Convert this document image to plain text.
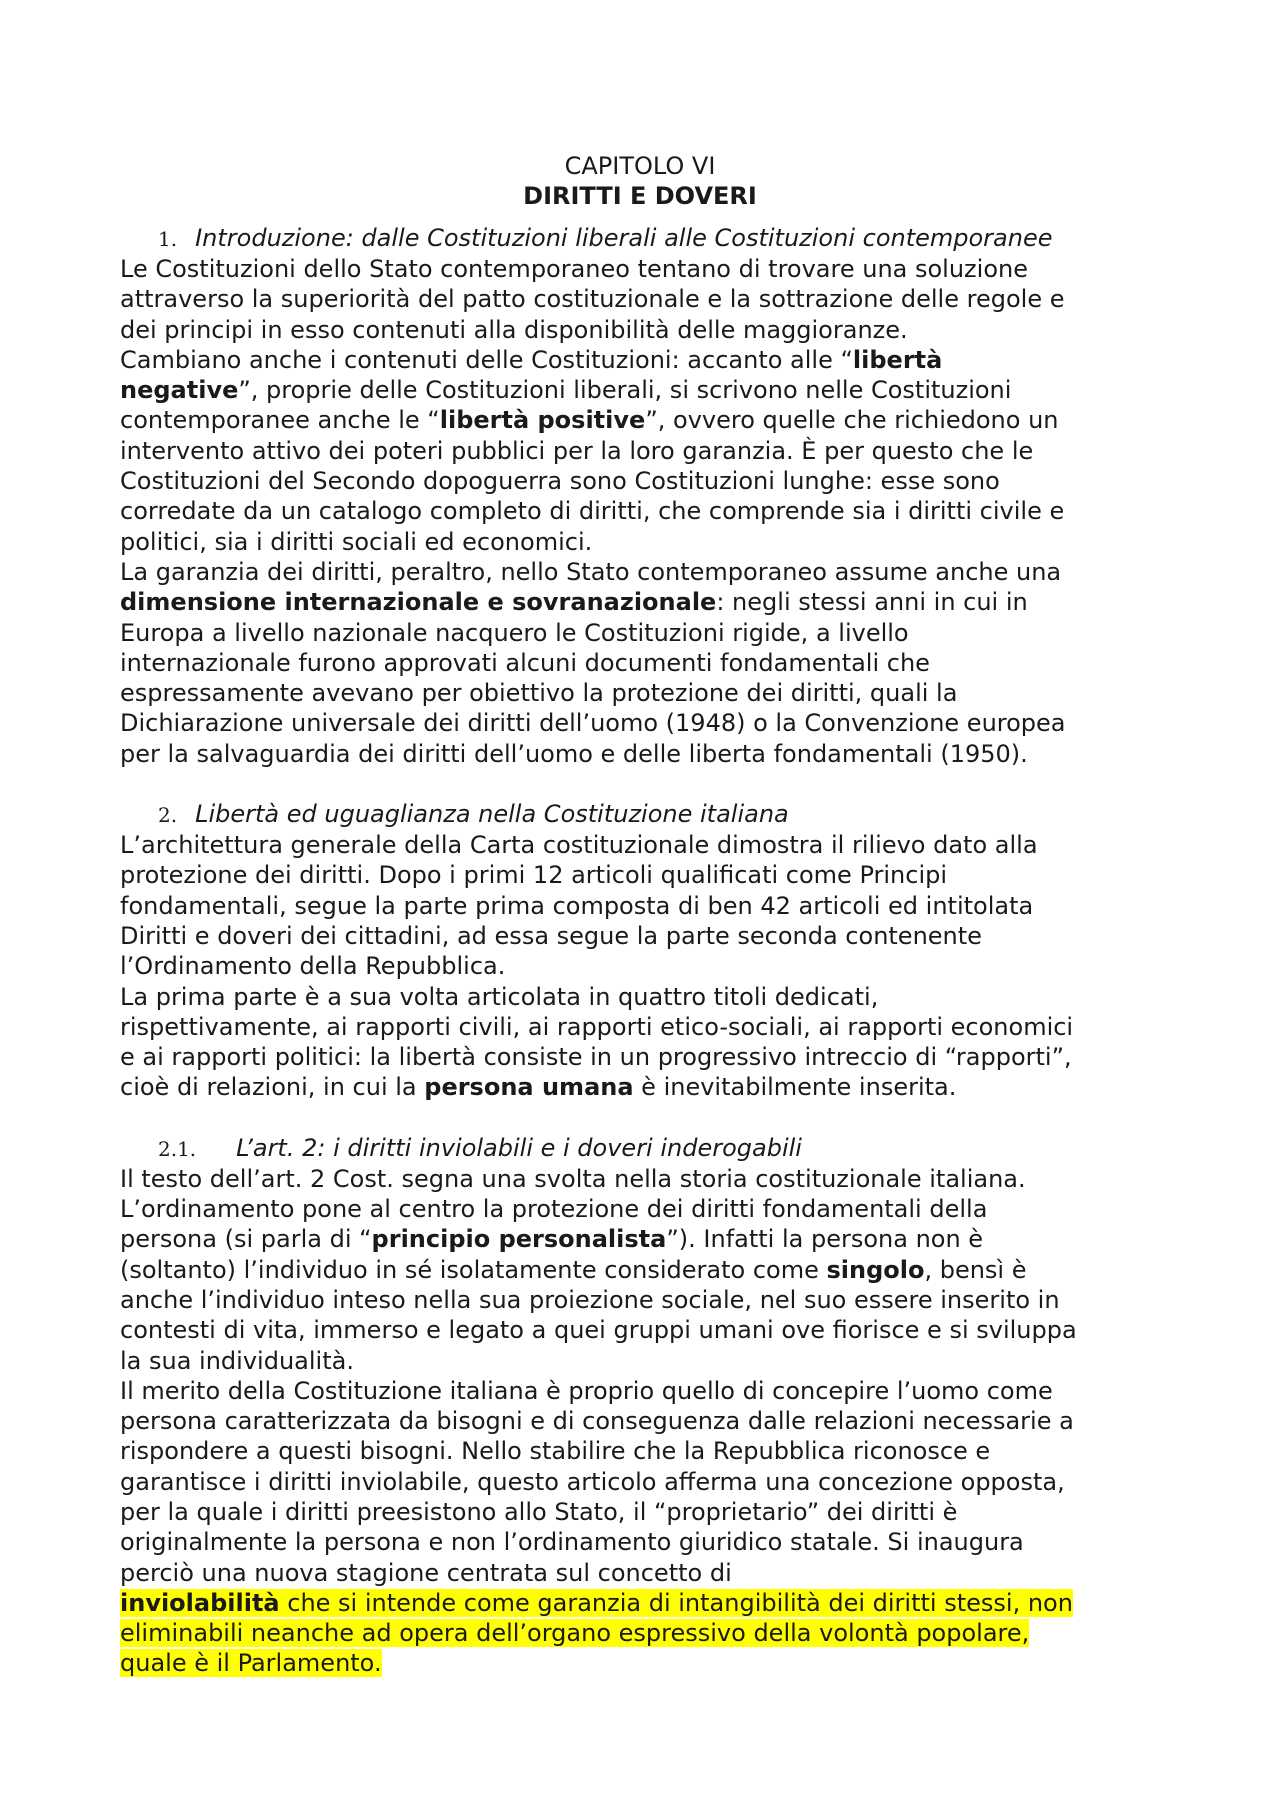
CAPITOLO VI
DIRITTI E DOVERI
1. Introduzione: dalle Costituzioni liberali alle Costituzioni contemporanee
Le Costituzioni dello Stato contemporaneo tentano di trovare una soluzione
attraverso la superiorità del patto costituzionale e la sottrazione delle regole e
dei principi in esso contenuti alla disponibilità delle maggioranze.
Cambiano anche i contenuti delle Costituzioni: accanto alle “libertà
negative”, proprie delle Costituzioni liberali, si scrivono nelle Costituzioni
contemporanee anche le “libertà positive”, ovvero quelle che richiedono un
intervento attivo dei poteri pubblici per la loro garanzia. È per questo che le
Costituzioni del Secondo dopoguerra sono Costituzioni lunghe: esse sono
corredate da un catalogo completo di diritti, che comprende sia i diritti civile e
politici, sia i diritti sociali ed economici.
La garanzia dei diritti, peraltro, nello Stato contemporaneo assume anche una
dimensione internazionale e sovranazionale: negli stessi anni in cui in
Europa a livello nazionale nacquero le Costituzioni rigide, a livello
internazionale furono approvati alcuni documenti fondamentali che
espressamente avevano per obiettivo la protezione dei diritti, quali la
Dichiarazione universale dei diritti dell’uomo (1948) o la Convenzione europea
per la salvaguardia dei diritti dell’uomo e delle liberta fondamentali (1950).
2. Libertà ed uguaglianza nella Costituzione italiana
L’architettura generale della Carta costituzionale dimostra il rilievo dato alla
protezione dei diritti. Dopo i primi 12 articoli qualificati come Principi
fondamentali, segue la parte prima composta di ben 42 articoli ed intitolata
Diritti e doveri dei cittadini, ad essa segue la parte seconda contenente
l’Ordinamento della Repubblica.
La prima parte è a sua volta articolata in quattro titoli dedicati,
rispettivamente, ai rapporti civili, ai rapporti etico-sociali, ai rapporti economici
e ai rapporti politici: la libertà consiste in un progressivo intreccio di “rapporti”,
cioè di relazioni, in cui la persona umana è inevitabilmente inserita.
2.1. L’art. 2: i diritti inviolabili e i doveri inderogabili
Il testo dell’art. 2 Cost. segna una svolta nella storia costituzionale italiana.
L’ordinamento pone al centro la protezione dei diritti fondamentali della
persona (si parla di “principio personalista”). Infatti la persona non è
(soltanto) l’individuo in sé isolatamente considerato come singolo, bensì è
anche l’individuo inteso nella sua proiezione sociale, nel suo essere inserito in
contesti di vita, immerso e legato a quei gruppi umani ove fiorisce e si sviluppa
la sua individualità.
Il merito della Costituzione italiana è proprio quello di concepire l’uomo come
persona caratterizzata da bisogni e di conseguenza dalle relazioni necessarie a
rispondere a questi bisogni. Nello stabilire che la Repubblica riconosce e
garantisce i diritti inviolabile, questo articolo afferma una concezione opposta,
per la quale i diritti preesistono allo Stato, il “proprietario” dei diritti è
originalmente la persona e non l’ordinamento giuridico statale. Si inaugura
perciò una nuova stagione centrata sul concetto di
inviolabilità che si intende come garanzia di intangibilità dei diritti stessi, non
eliminabili neanche ad opera dell’organo espressivo della volontà popolare,
quale è il Parlamento.
